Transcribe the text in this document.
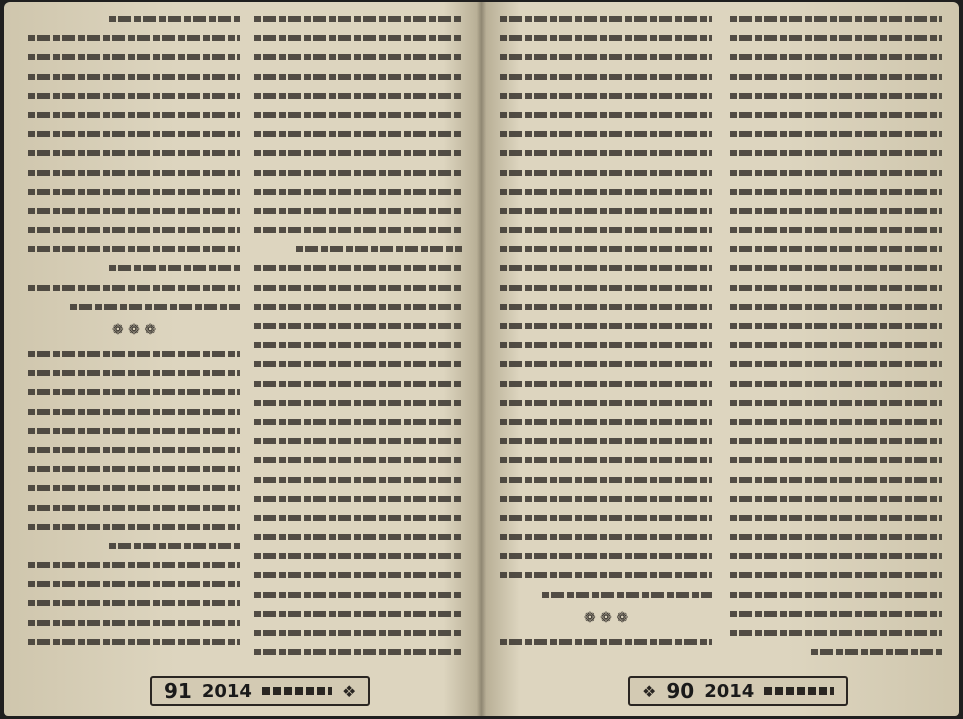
❁ ❁ ❁
91 2014	❖
❁ ❁ ❁
❖ 90 2014
